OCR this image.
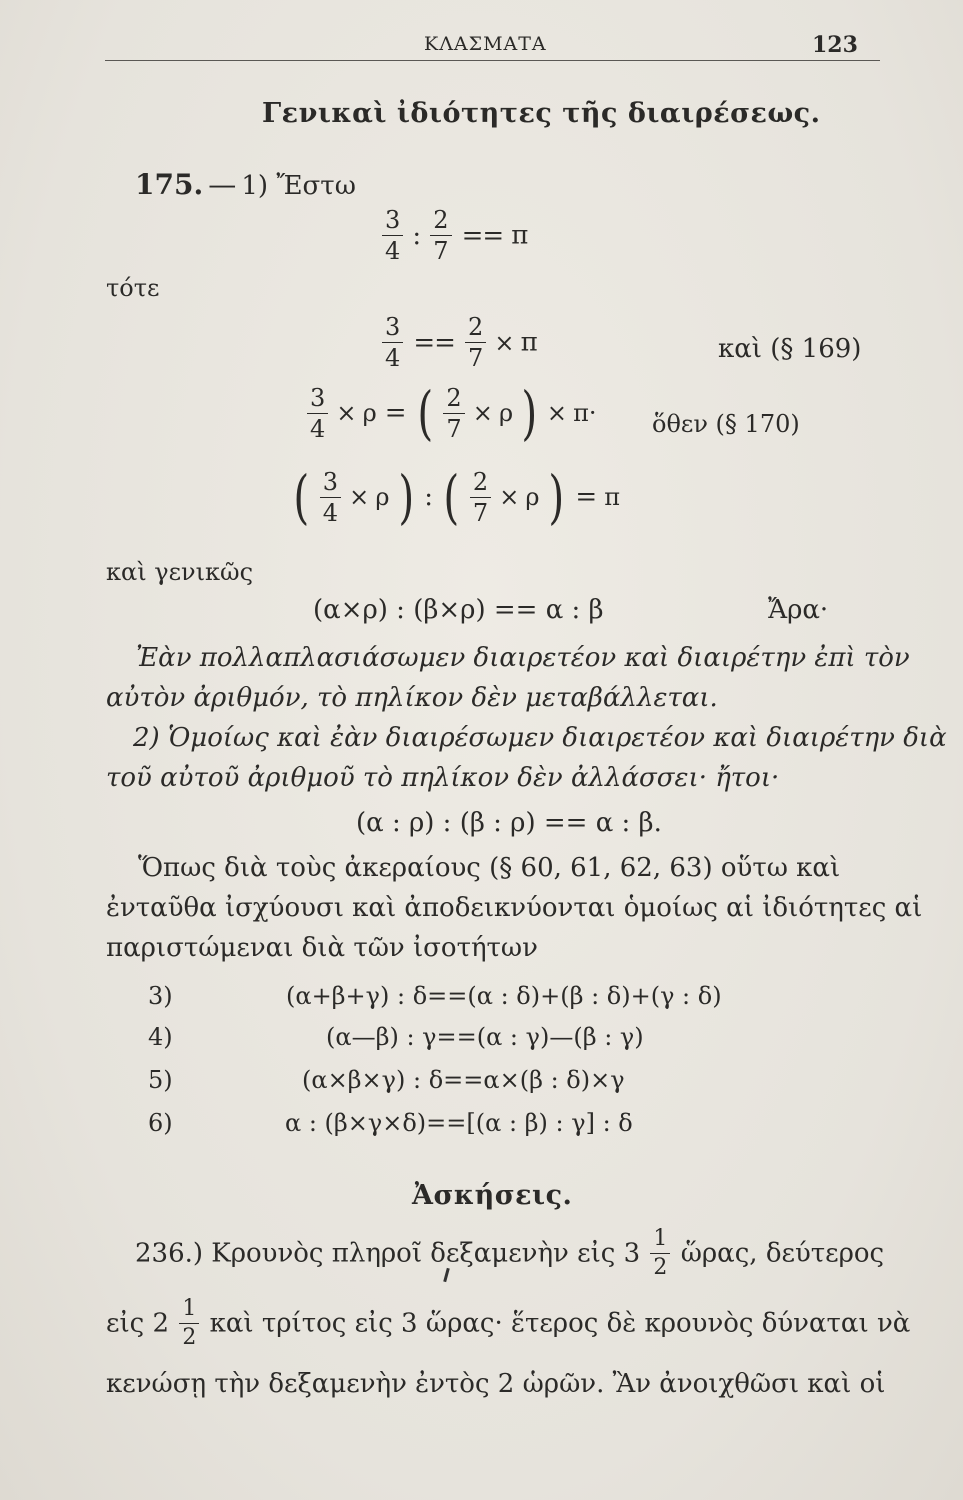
ΚΛΑΣΜΑΤΑ	123
Γενικαὶ ἰδιότητες τῆς διαιρέσεως.
175. — 1) Ἔστω
$\frac{3}{4}$ : $\frac{2}{7} == \pi$
τότε
$\frac{3}{4} == \frac{2}{7} \times \pi$	καὶ (§ 169)
$\frac{3}{4} \times \rho$ = ( $\frac{2}{7} \times \rho$ ) × π· ὅθεν (§ 170)
( $\frac{3}{4} \times \rho$ ) : ( $\frac{2}{7} \times \rho$ ) = π
καὶ γενικῶς
(α×ρ) : (β×ρ) == α : β	Ἄρα·
Ἐὰν πολλαπλασιάσωμεν διαιρετέον καὶ διαιρέτην ἐπὶ τὸν
αὐτὸν ἀριθμόν, τὸ πηλίκον δὲν μεταβάλλεται.
2) Ὁμοίως καὶ ἐὰν διαιρέσωμεν διαιρετέον καὶ διαιρέτην διὰ
τοῦ αὐτοῦ ἀριθμοῦ τὸ πηλίκον δὲν ἀλλάσσει· ἤτοι·
(α : ρ) : (β : ρ) == α : β.
Ὅπως διὰ τοὺς ἀκεραίους (§ 60, 61, 62, 63) οὕτω καὶ
ἐνταῦθα ἰσχύουσι καὶ ἀποδεικνύονται ὁμοίως αἱ ἰδιότητες αἱ
παριστώμεναι διὰ τῶν ἰσοτήτων
3)	(α+β+γ) : δ==(α : δ)+(β : δ)+(γ : δ)
4)	(α—β) : γ==(α : γ)—(β : γ)
5)	(α×β×γ) : δ==α×(β : δ)×γ
6)	α : (β×γ×δ)==[(α : β) : γ] : δ
Ἀσκήσεις.
236.) Κρουνὸς πληροῖ δεξαμενὴν εἰς $3 \frac{1}{2}$ ὥρας, δεύτερος
εἰς $2 \frac{1}{2}$ καὶ τρίτος εἰς 3 ὥρας· ἕτερος δὲ κρουνὸς δύναται νὰ
κενώσῃ τὴν δεξαμενὴν ἐντὸς 2 ὡρῶν. Ἂν ἀνοιχθῶσι καὶ οἱ
